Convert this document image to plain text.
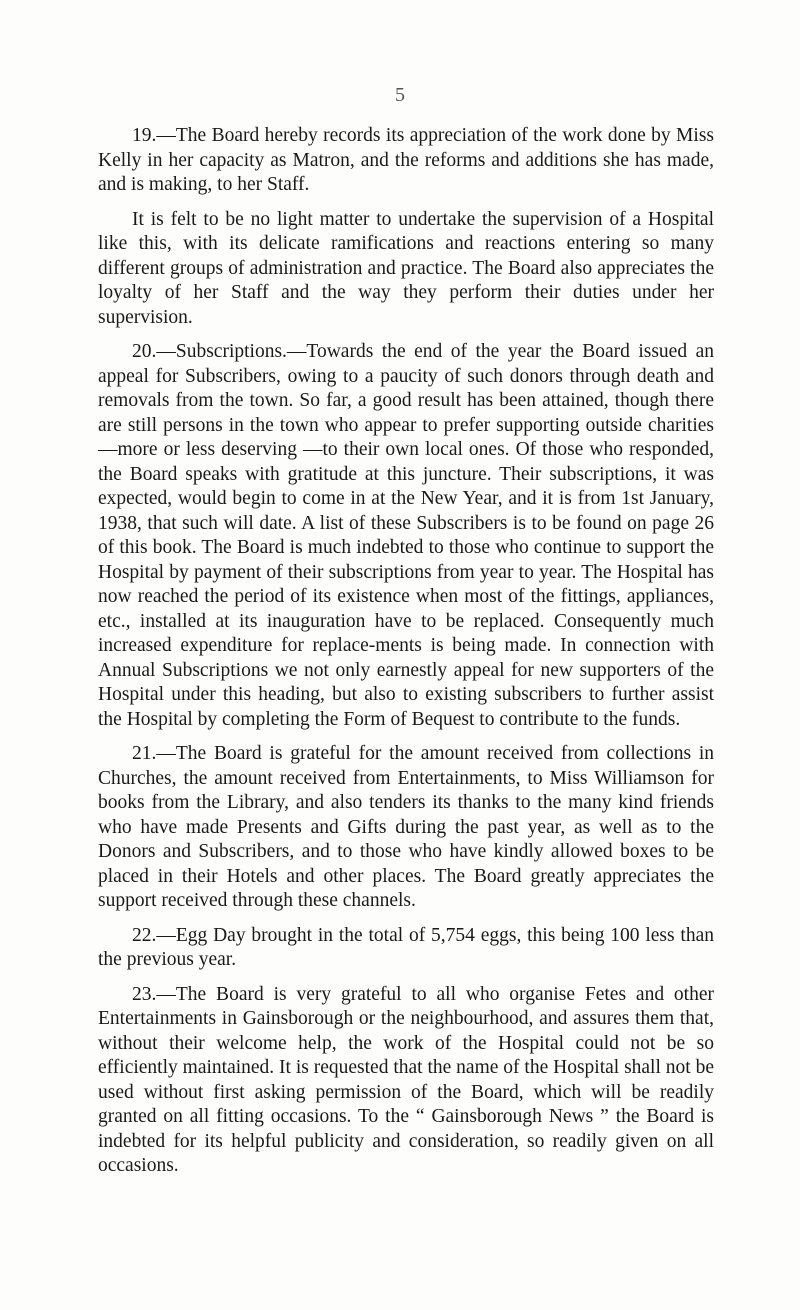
5

19.—The Board hereby records its appreciation of the work done by Miss Kelly in her capacity as Matron, and the reforms and additions she has made, and is making, to her Staff.

It is felt to be no light matter to undertake the supervision of a Hospital like this, with its delicate ramifications and reactions entering so many different groups of administration and practice. The Board also appreciates the loyalty of her Staff and the way they perform their duties under her supervision.

20.—Subscriptions.—Towards the end of the year the Board issued an appeal for Subscribers, owing to a paucity of such donors through death and removals from the town. So far, a good result has been attained, though there are still persons in the town who appear to prefer supporting outside charities—more or less deserving —to their own local ones. Of those who responded, the Board speaks with gratitude at this juncture. Their subscriptions, it was expected, would begin to come in at the New Year, and it is from 1st January, 1938, that such will date. A list of these Subscribers is to be found on page 26 of this book. The Board is much indebted to those who continue to support the Hospital by payment of their subscriptions from year to year. The Hospital has now reached the period of its existence when most of the fittings, appliances, etc., installed at its inauguration have to be replaced. Consequently much increased expenditure for replace-ments is being made. In connection with Annual Subscriptions we not only earnestly appeal for new supporters of the Hospital under this heading, but also to existing subscribers to further assist the Hospital by completing the Form of Bequest to contribute to the funds.

21.—The Board is grateful for the amount received from collections in Churches, the amount received from Entertainments, to Miss Williamson for books from the Library, and also tenders its thanks to the many kind friends who have made Presents and Gifts during the past year, as well as to the Donors and Subscribers, and to those who have kindly allowed boxes to be placed in their Hotels and other places. The Board greatly appreciates the support received through these channels.

22.—Egg Day brought in the total of 5,754 eggs, this being 100 less than the previous year.

23.—The Board is very grateful to all who organise Fetes and other Entertainments in Gainsborough or the neighbourhood, and assures them that, without their welcome help, the work of the Hospital could not be so efficiently maintained. It is requested that the name of the Hospital shall not be used without first asking permission of the Board, which will be readily granted on all fitting occasions. To the “ Gainsborough News ” the Board is indebted for its helpful publicity and consideration, so readily given on all occasions.
